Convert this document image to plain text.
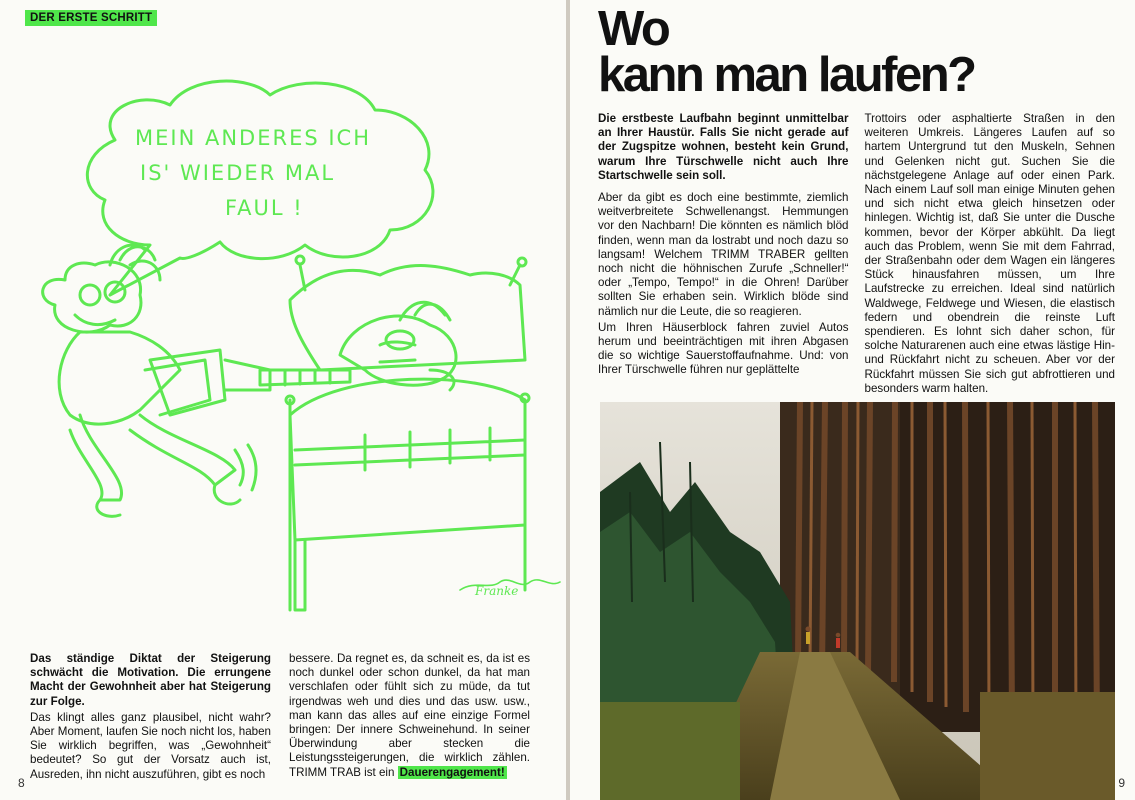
DER ERSTE SCHRITT
MEIN ANDERES ICH
IS' WIEDER MAL
FAUL !
Franke

Das ständige Diktat der Steigerung schwächt die Motivation. Die errungene Macht der Gewohnheit aber hat Steigerung zur Folge.

Das klingt alles ganz plausibel, nicht wahr? Aber Moment, laufen Sie noch nicht los, haben Sie wirklich begriffen, was „Gewohnheit“ bedeutet? So gut der Vorsatz auch ist, Ausreden, ihn nicht auszuführen, gibt es noch

bessere. Da regnet es, da schneit es, da ist es noch dunkel oder schon dunkel, da hat man verschlafen oder fühlt sich zu müde, da tut irgendwas weh und dies und das usw. usw., man kann das alles auf eine einzige Formel bringen: Der innere Schweinehund. In seiner Überwindung aber stecken die Leistungssteigerungen, die wirklich zählen. TRIMM TRAB ist ein Dauerengagement!

8
Wo
kann man laufen?

Die erstbeste Laufbahn beginnt unmittelbar an Ihrer Haustür. Falls Sie nicht gerade auf der Zugspitze wohnen, besteht kein Grund, warum Ihre Türschwelle nicht auch Ihre Startschwelle sein soll.

Aber da gibt es doch eine bestimmte, ziemlich weitverbreitete Schwellenangst. Hemmungen vor den Nachbarn! Die könnten es nämlich blöd finden, wenn man da lostrabt und noch dazu so langsam! Welchem TRIMM TRABER gellten noch nicht die höhnischen Zurufe „Schneller!“ oder „Tempo, Tempo!“ in die Ohren! Darüber sollten Sie erhaben sein. Wirklich blöde sind nämlich nur die Leute, die so reagieren.

Um Ihren Häuserblock fahren zuviel Autos herum und beeinträchtigen mit ihren Abgasen die so wichtige Sauerstoffaufnahme. Und: von Ihrer Türschwelle führen nur geplättelte

Trottoirs oder asphaltierte Straßen in den weiteren Umkreis. Längeres Laufen auf so hartem Untergrund tut den Muskeln, Sehnen und Gelenken nicht gut. Suchen Sie die nächstgelegene Anlage auf oder einen Park. Nach einem Lauf soll man einige Minuten gehen und sich nicht etwa gleich hinsetzen oder hinlegen. Wichtig ist, daß Sie unter die Dusche kommen, bevor der Körper abkühlt. Da liegt auch das Problem, wenn Sie mit dem Fahrrad, der Straßenbahn oder dem Wagen ein längeres Stück hinausfahren müssen, um Ihre Laufstrecke zu erreichen. Ideal sind natürlich Waldwege, Feldwege und Wiesen, die elastisch federn und obendrein die reinste Luft spendieren. Es lohnt sich daher schon, für solche Naturarenen auch eine etwas lästige Hin- und Rückfahrt nicht zu scheuen. Aber vor der Rückfahrt müssen Sie sich gut abfrottieren und besonders warm halten.

9
